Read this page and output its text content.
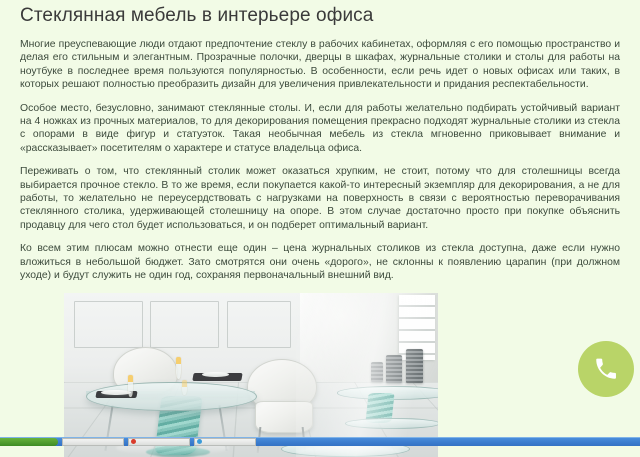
Стеклянная мебель в интерьере офиса

Многие преуспевающие люди отдают предпочтение стеклу в рабочих кабинетах, оформляя с его помощью пространство и делая его стильным и элегантным. Прозрачные полочки, дверцы в шкафах, журнальные столики и столы для работы на ноутбуке в последнее время пользуются популярностью. В особенности, если речь идет о новых офисах или таких, в которых решают полностью преобразить дизайн для увеличения привлекательности и придания респектабельности.

Особое место, безусловно, занимают стеклянные столы. И, если для работы желательно подбирать устойчивый вариант на 4 ножках из прочных материалов, то для декорирования помещения прекрасно подходят журнальные столики из стекла с опорами в виде фигур и статуэток. Такая необычная мебель из стекла мгновенно приковывает внимание и «рассказывает» посетителям о характере и статусе владельца офиса.

Переживать о том, что стеклянный столик может оказаться хрупким, не стоит, потому что для столешницы всегда выбирается прочное стекло. В то же время, если покупается какой-то интересный экземпляр для декорирования, а не для работы, то желательно не переусердствовать с нагрузками на поверхность в связи с вероятностью переворачивания стеклянного столика, удерживающей столешницу на опоре. В этом случае достаточно просто при покупке объяснить продавцу для чего стол будет использоваться, и он подберет оптимальный вариант.

Ко всем этим плюсам можно отнести еще один – цена журнальных столиков из стекла доступна, даже если нужно вложиться в небольшой бюджет. Зато смотрятся они очень «дорого», не склонны к появлению царапин (при должном уходе) и будут служить не один год, сохраняя первоначальный внешний вид.
